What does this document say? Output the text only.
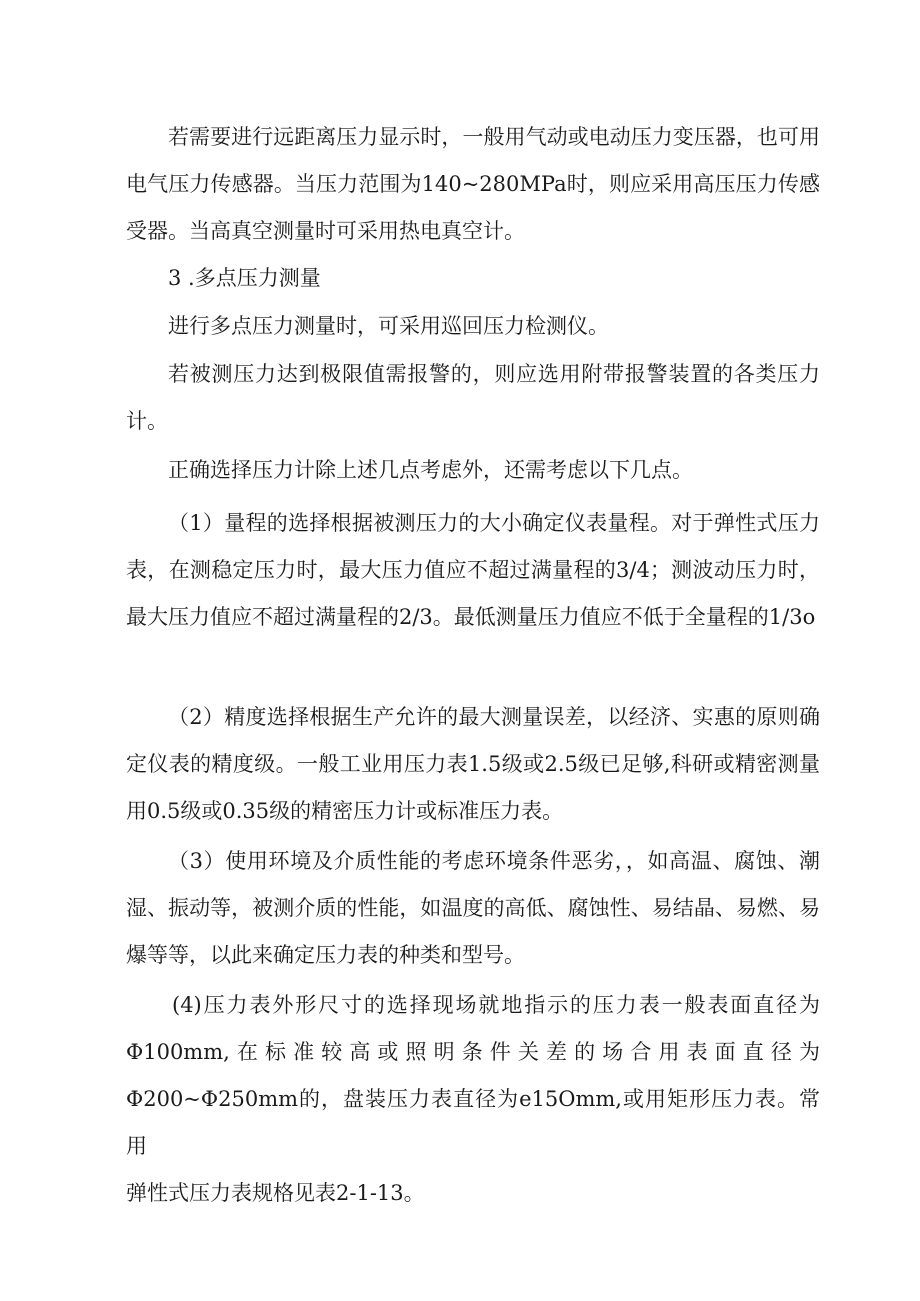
若需要进行远距离压力显示时，一般用气动或电动压力变压器，也可用电气压力传感器。当压力范围为140~280MPa时，则应采用高压压力传感受器。当高真空测量时可采用热电真空计。

3 .多点压力测量

进行多点压力测量时，可采用巡回压力检测仪。

若被测压力达到极限值需报警的，则应选用附带报警装置的各类压力计。

正确选择压力计除上述几点考虑外，还需考虑以下几点。

（1）量程的选择根据被测压力的大小确定仪表量程。对于弹性式压力表，在测稳定压力时，最大压力值应不超过满量程的3/4；测波动压力时，最大压力值应不超过满量程的2/3。最低测量压力值应不低于全量程的1/3o

（2）精度选择根据生产允许的最大测量误差，以经济、实惠的原则确定仪表的精度级。一般工业用压力表1.5级或2.5级已足够,科研或精密测量用0.5级或0.35级的精密压力计或标准压力表。

（3）使用环境及介质性能的考虑环境条件恶劣，，如高温、腐蚀、潮湿、振动等，被测介质的性能，如温度的高低、腐蚀性、易结晶、易燃、易爆等等，以此来确定压力表的种类和型号。

(4)压力表外形尺寸的选择现场就地指示的压力表一般表面直径为
Φ100mm,在标准较高或照明条件关差的场合用表面直径为
Φ200~Φ250mm的，盘装压力表直径为e15Omm,或用矩形压力表。常用
弹性式压力表规格见表2-1-13。
